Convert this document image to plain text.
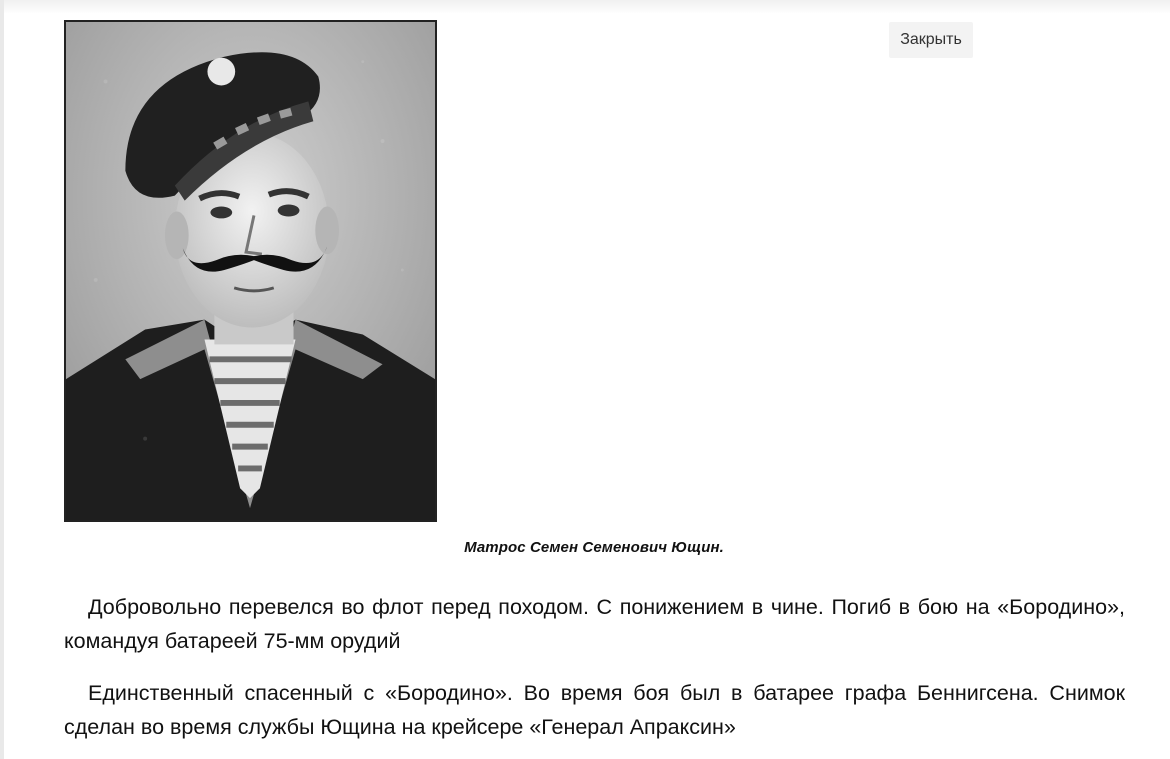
Закрыть
Матрос Семен Семенович Ющин.

Добровольно перевелся во флот перед походом. С понижением в чине. Погиб в бою на «Бородино», командуя батареей 75-мм орудий

Единственный спасенный с «Бородино». Во время боя был в батарее графа Беннигсена. Снимок сделан во время службы Ющина на крейсере «Генерал Апраксин»
